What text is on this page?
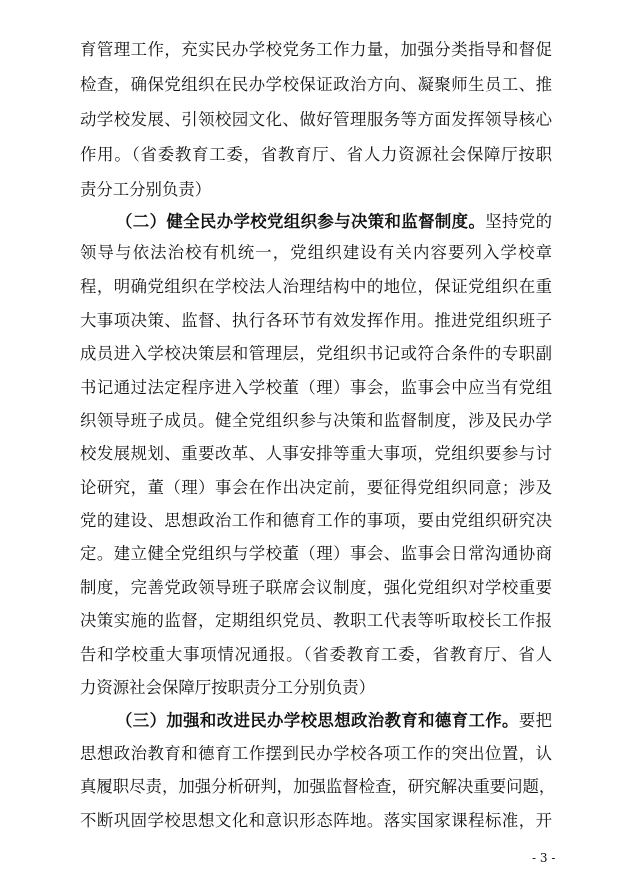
育管理工作，充实民办学校党务工作力量，加强分类指导和督促
检查，确保党组织在民办学校保证政治方向、凝聚师生员工、推
动学校发展、引领校园文化、做好管理服务等方面发挥领导核心
作用。（省委教育工委，省教育厅、省人力资源社会保障厅按职
责分工分别负责）
（二）健全民办学校党组织参与决策和监督制度。坚持党的
领导与依法治校有机统一，党组织建设有关内容要列入学校章
程，明确党组织在学校法人治理结构中的地位，保证党组织在重
大事项决策、监督、执行各环节有效发挥作用。推进党组织班子
成员进入学校决策层和管理层，党组织书记或符合条件的专职副
书记通过法定程序进入学校董（理）事会，监事会中应当有党组
织领导班子成员。健全党组织参与决策和监督制度，涉及民办学
校发展规划、重要改革、人事安排等重大事项，党组织要参与讨
论研究，董（理）事会在作出决定前，要征得党组织同意；涉及
党的建设、思想政治工作和德育工作的事项，要由党组织研究决
定。建立健全党组织与学校董（理）事会、监事会日常沟通协商
制度，完善党政领导班子联席会议制度，强化党组织对学校重要
决策实施的监督，定期组织党员、教职工代表等听取校长工作报
告和学校重大事项情况通报。（省委教育工委，省教育厅、省人
力资源社会保障厅按职责分工分别负责）
（三）加强和改进民办学校思想政治教育和德育工作。要把
思想政治教育和德育工作摆到民办学校各项工作的突出位置，认
真履职尽责，加强分析研判，加强监督检查，研究解决重要问题，
不断巩固学校思想文化和意识形态阵地。落实国家课程标准，开
- 3 -
